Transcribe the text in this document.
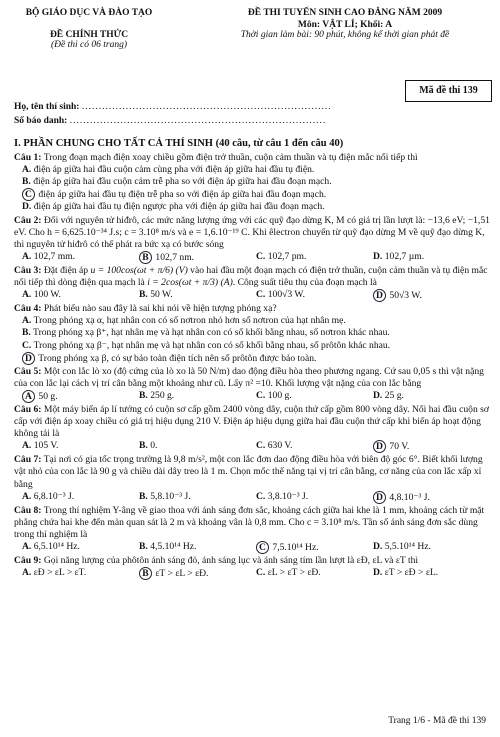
BỘ GIÁO DỤC VÀ ĐÀO TẠO
ĐỀ CHÍNH THỨC
(Đề thi có 06 trang)
ĐỀ THI TUYỂN SINH CAO ĐẲNG NĂM 2009
Môn: VẬT LÍ; Khối: A
Thời gian làm bài: 90 phút, không kể thời gian phát đề
Mã đề thi 139
Họ, tên thí sinh: ..........................................................................
Số báo danh: ............................................................................
I. PHẦN CHUNG CHO TẤT CẢ THÍ SINH (40 câu, từ câu 1 đến câu 40)
Câu 1: Trong đoạn mạch điện xoay chiều gồm điện trở thuần, cuộn cảm thuần và tụ điện mắc nối tiếp thì
A. điện áp giữa hai đầu cuộn cảm cùng pha với điện áp giữa hai đầu tụ điện.
B. điện áp giữa hai đầu cuộn cảm trễ pha so với điện áp giữa hai đầu đoạn mạch.
C điện áp giữa hai đầu tụ điện trễ pha so với điện áp giữa hai đầu đoạn mạch.
D. điện áp giữa hai đầu tụ điện ngược pha với điện áp giữa hai đầu đoạn mạch.
Câu 2: Đối với nguyên tử hiđrô, các mức năng lượng ứng với các quỹ đạo dừng K, M có giá trị lần lượt là: −13,6 eV; −1,51 eV. Cho h = 6,625.10⁻³⁴ J.s; c = 3.10⁸ m/s và e = 1,6.10⁻¹⁹ C. Khi êlectron chuyển từ quỹ đạo dừng M về quỹ đạo dừng K, thì nguyên tử hiđrô có thể phát ra bức xạ có bước sóng
A. 102,7 mm.	B 102,7 nm.	C. 102,7 pm.	D. 102,7 µm.
Câu 3: Đặt điện áp u = 100cos(ωt + π/6) (V) vào hai đầu một đoạn mạch có điện trở thuần, cuộn cảm thuần và tụ điện mắc nối tiếp thì dòng điện qua mạch là i = 2cos(ωt + π/3) (A). Công suất tiêu thụ của đoạn mạch là
A. 100 W.	B. 50 W.	C. 100√3 W.	D 50√3 W.
Câu 4: Phát biểu nào sau đây là sai khi nói về hiện tượng phóng xạ?
A. Trong phóng xạ α, hạt nhân con có số nơtron nhỏ hơn số nơtron của hạt nhân mẹ.
B. Trong phóng xạ β⁺, hạt nhân mẹ và hạt nhân con có số khối bằng nhau, số nơtron khác nhau.
C. Trong phóng xạ β⁻, hạt nhân mẹ và hạt nhân con có số khối bằng nhau, số prôtôn khác nhau.
D Trong phóng xạ β, có sự bảo toàn điện tích nên số prôtôn được bảo toàn.
Câu 5: Một con lắc lò xo (độ cứng của lò xo là 50 N/m) dao động điều hòa theo phương ngang. Cứ sau 0,05 s thì vật nặng của con lắc lại cách vị trí cân bằng một khoảng như cũ. Lấy π² =10. Khối lượng vật nặng của con lắc bằng
A 50 g.	B. 250 g.	C. 100 g.	D. 25 g.
Câu 6: Một máy biến áp lí tưởng có cuộn sơ cấp gồm 2400 vòng dây, cuộn thứ cấp gồm 800 vòng dây. Nối hai đầu cuộn sơ cấp với điện áp xoay chiều có giá trị hiệu dụng 210 V. Điện áp hiệu dụng giữa hai đầu cuộn thứ cấp khi biến áp hoạt động không tải là
A. 105 V.	B. 0.	C. 630 V.	D 70 V.
Câu 7: Tại nơi có gia tốc trọng trường là 9,8 m/s², một con lắc đơn dao động điều hòa với biên độ góc 6°. Biết khối lượng vật nhỏ của con lắc là 90 g và chiều dài dây treo là 1 m. Chọn mốc thế năng tại vị trí cân bằng, cơ năng của con lắc xấp xỉ bằng
A. 6,8.10⁻³ J.	B. 5,8.10⁻³ J.	C. 3,8.10⁻³ J.	D 4,8.10⁻³ J.
Câu 8: Trong thí nghiệm Y-âng về giao thoa với ánh sáng đơn sắc, khoảng cách giữa hai khe là 1 mm, khoảng cách từ mặt phẳng chứa hai khe đến màn quan sát là 2 m và khoảng vân là 0,8 mm. Cho c = 3.10⁸ m/s. Tần số ánh sáng đơn sắc dùng trong thí nghiệm là
A. 6,5.10¹⁴ Hz.	B. 4,5.10¹⁴ Hz.	C 7,5.10¹⁴ Hz.	D. 5,5.10¹⁴ Hz.
Câu 9: Gọi năng lượng của phôtôn ánh sáng đỏ, ánh sáng lục và ánh sáng tím lần lượt là εĐ, εL và εT thì
A. εĐ > εL > εT.	B εT > εL > εĐ.	C. εL > εT > εĐ.	D. εT > εĐ > εL.
Trang 1/6 - Mã đề thi 139
